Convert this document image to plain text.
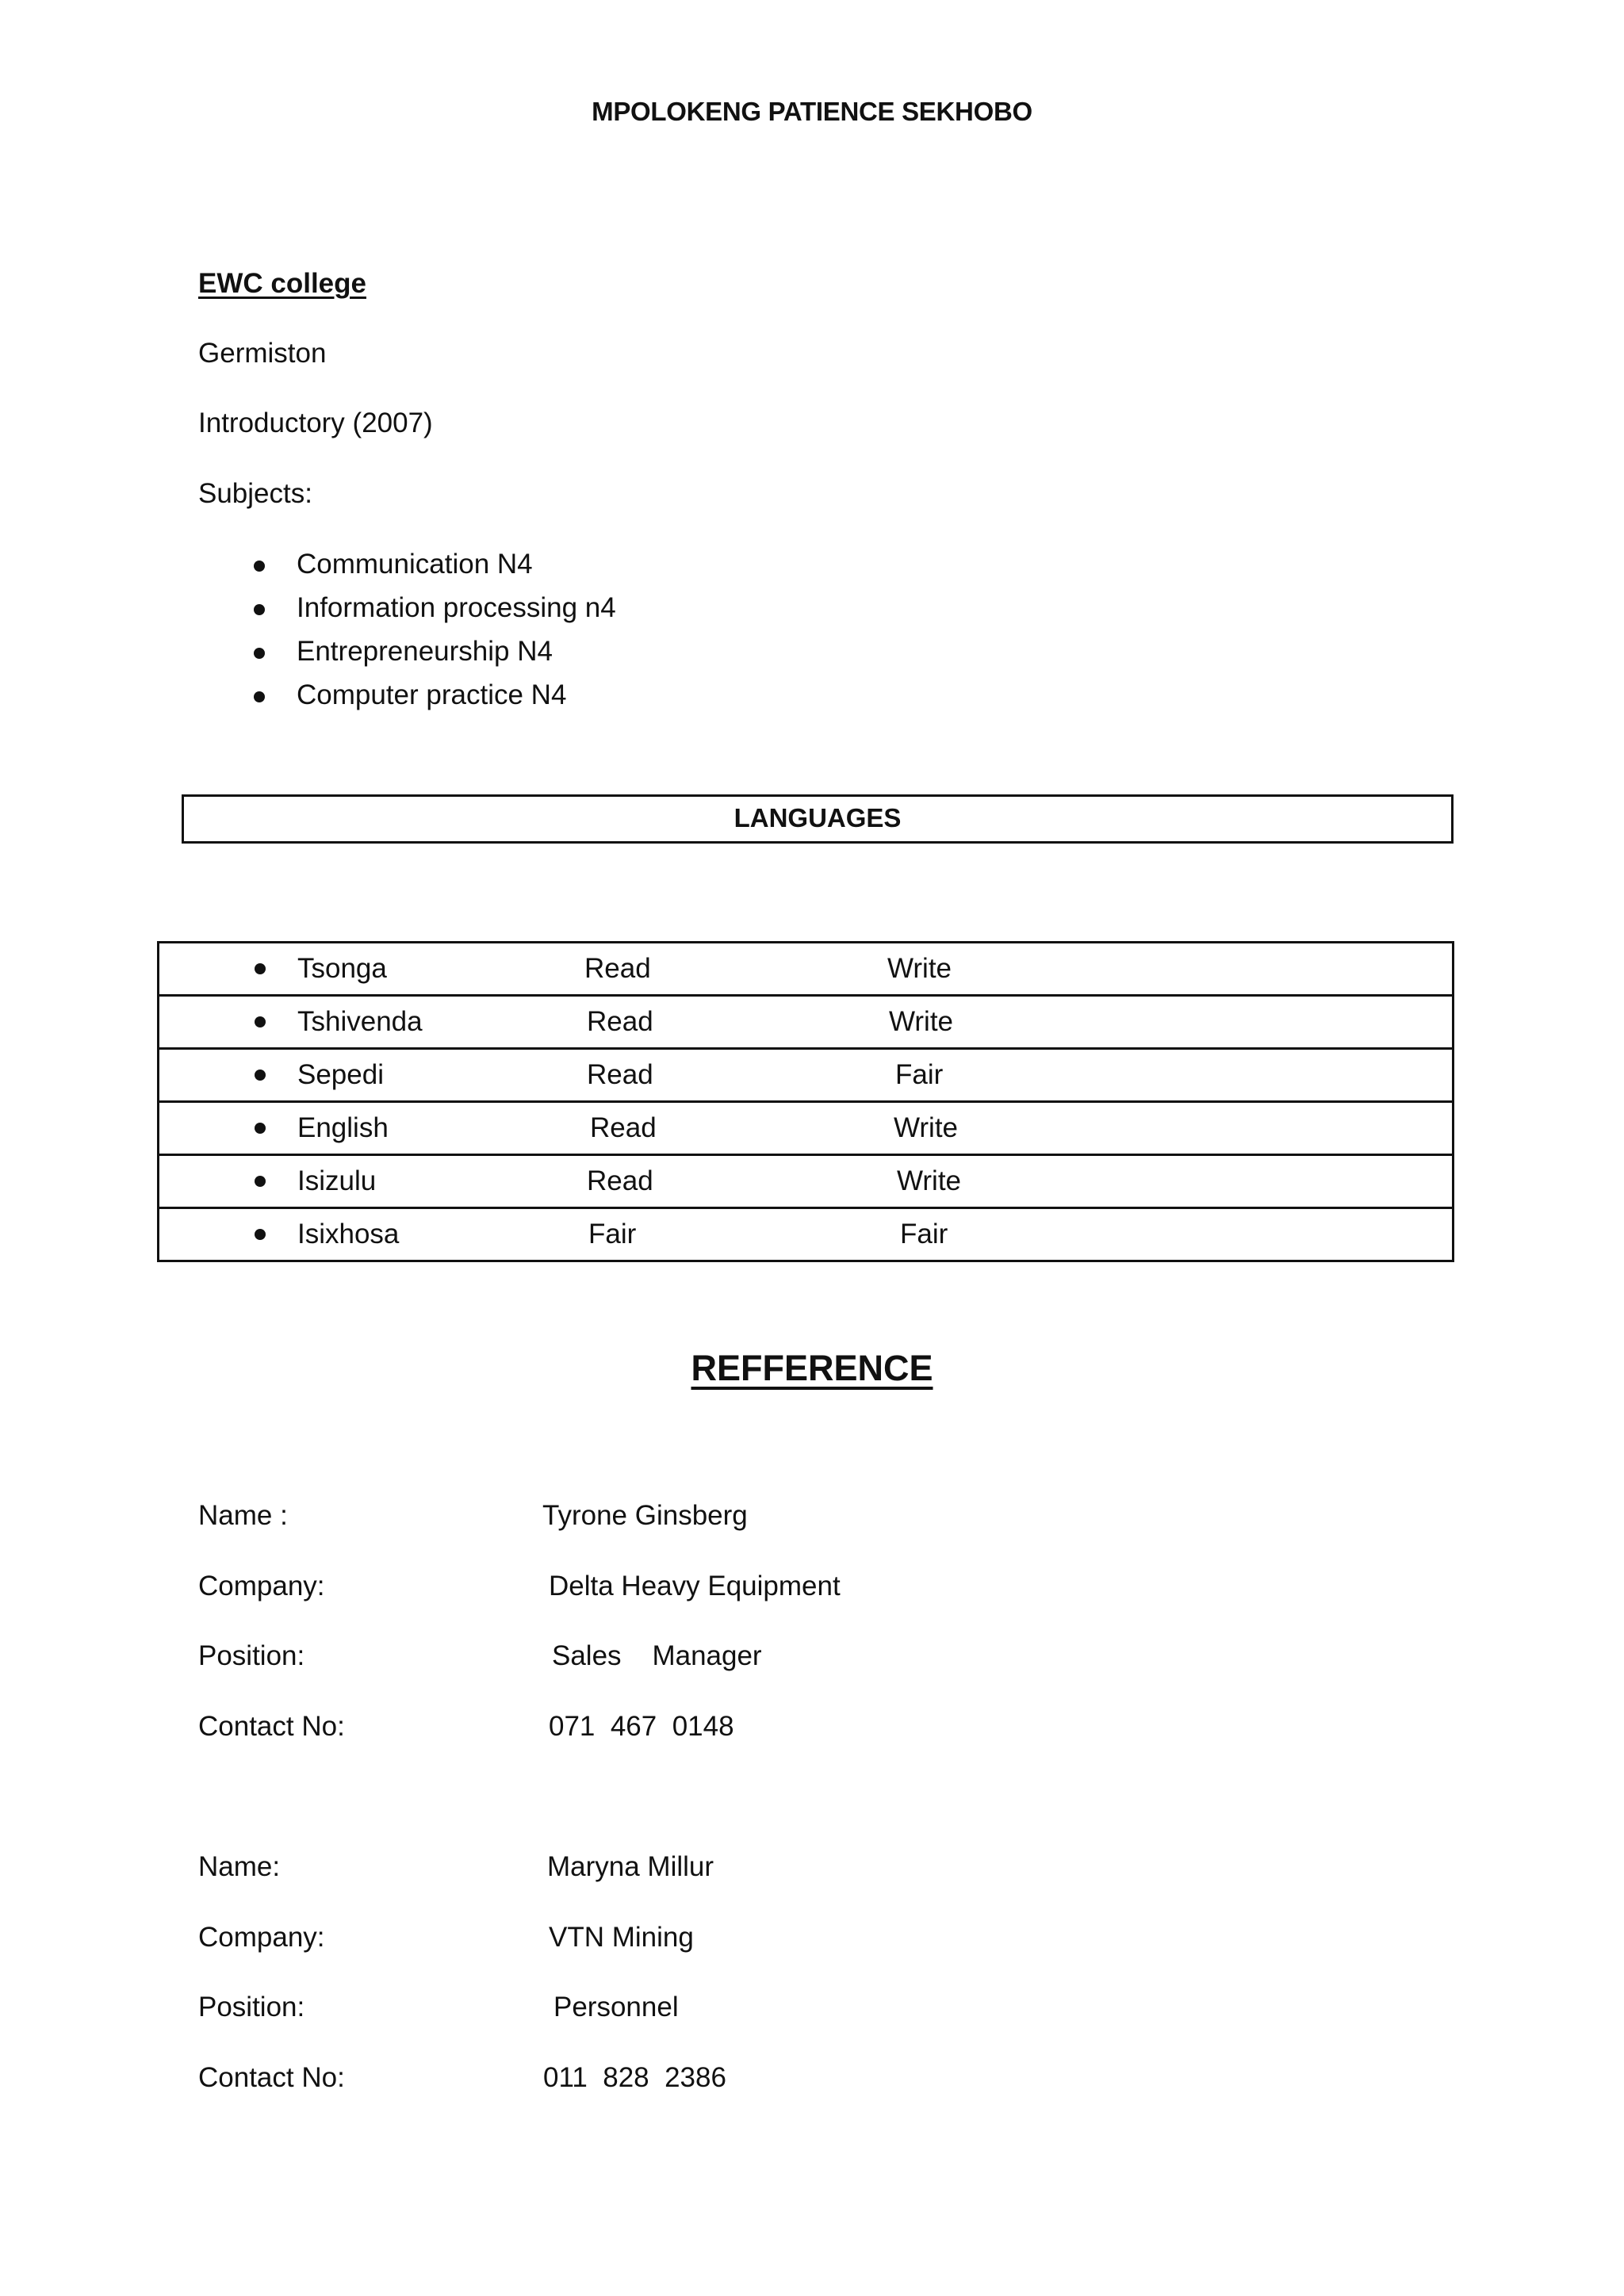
MPOLOKENG PATIENCE SEKHOBO
EWC college
Germiston
Introductory (2007)
Subjects:
Communication N4
Information processing n4
Entrepreneurship N4
Computer practice N4
LANGUAGES
Tsonga	Read	Write
Tshivenda	Read	Write
Sepedi	Read	Fair
English	Read	Write
Isizulu	Read	Write
Isixhosa	Fair	Fair
REFFERENCE
Name :	Tyrone Ginsberg
Company:	Delta Heavy Equipment
Position:	Sales    Manager
Contact No:	071  467  0148
Name:	Maryna Millur
Company:	VTN Mining
Position:	Personnel
Contact No:	011  828  2386
